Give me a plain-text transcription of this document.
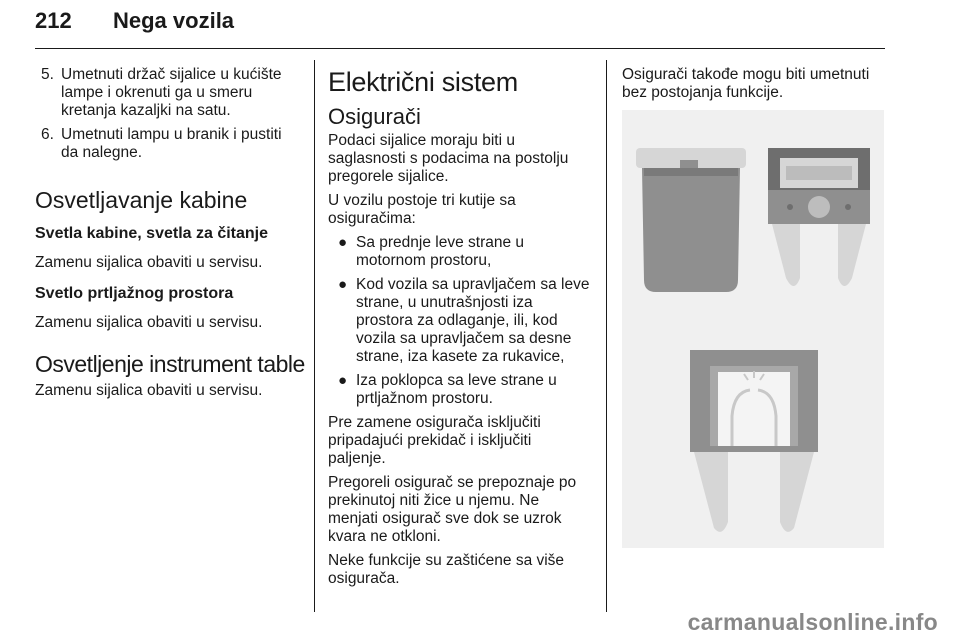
212 Nega vozila
5. Umetnuti držač sijalice u kućište lampe i okrenuti ga u smeru kretanja kazaljki na satu.
6. Umetnuti lampu u branik i pustiti da nalegne.
Osvetljavanje kabine
Svetla kabine, svetla za čitanje

Zamenu sijalica obaviti u servisu.

Svetlo prtljažnog prostora

Zamenu sijalica obaviti u servisu.

Osvetljenje instrument table

Zamenu sijalica obaviti u servisu.

Električni sistem
Osigurači

Podaci sijalice moraju biti u saglasnosti s podacima na postolju pregorele sijalice.

U vozilu postoje tri kutije sa osiguračima:

● Sa prednje leve strane u motornom prostoru,
● Kod vozila sa upravljačem sa leve strane, u unutrašnjosti iza prostora za odlaganje, ili, kod vozila sa upravljačem sa desne strane, iza kasete za rukavice,
● Iza poklopca sa leve strane u prtljažnom prostoru.

Pre zamene osigurača isključiti pripadajući prekidač i isključiti paljenje.

Pregoreli osigurač se prepoznaje po prekinutoj niti žice u njemu. Ne menjati osigurač sve dok se uzrok kvara ne otkloni.

Neke funkcije su zaštićene sa više osigurača.

Osigurači takođe mogu biti umetnuti bez postojanja funkcije.

carmanualsonline.info
